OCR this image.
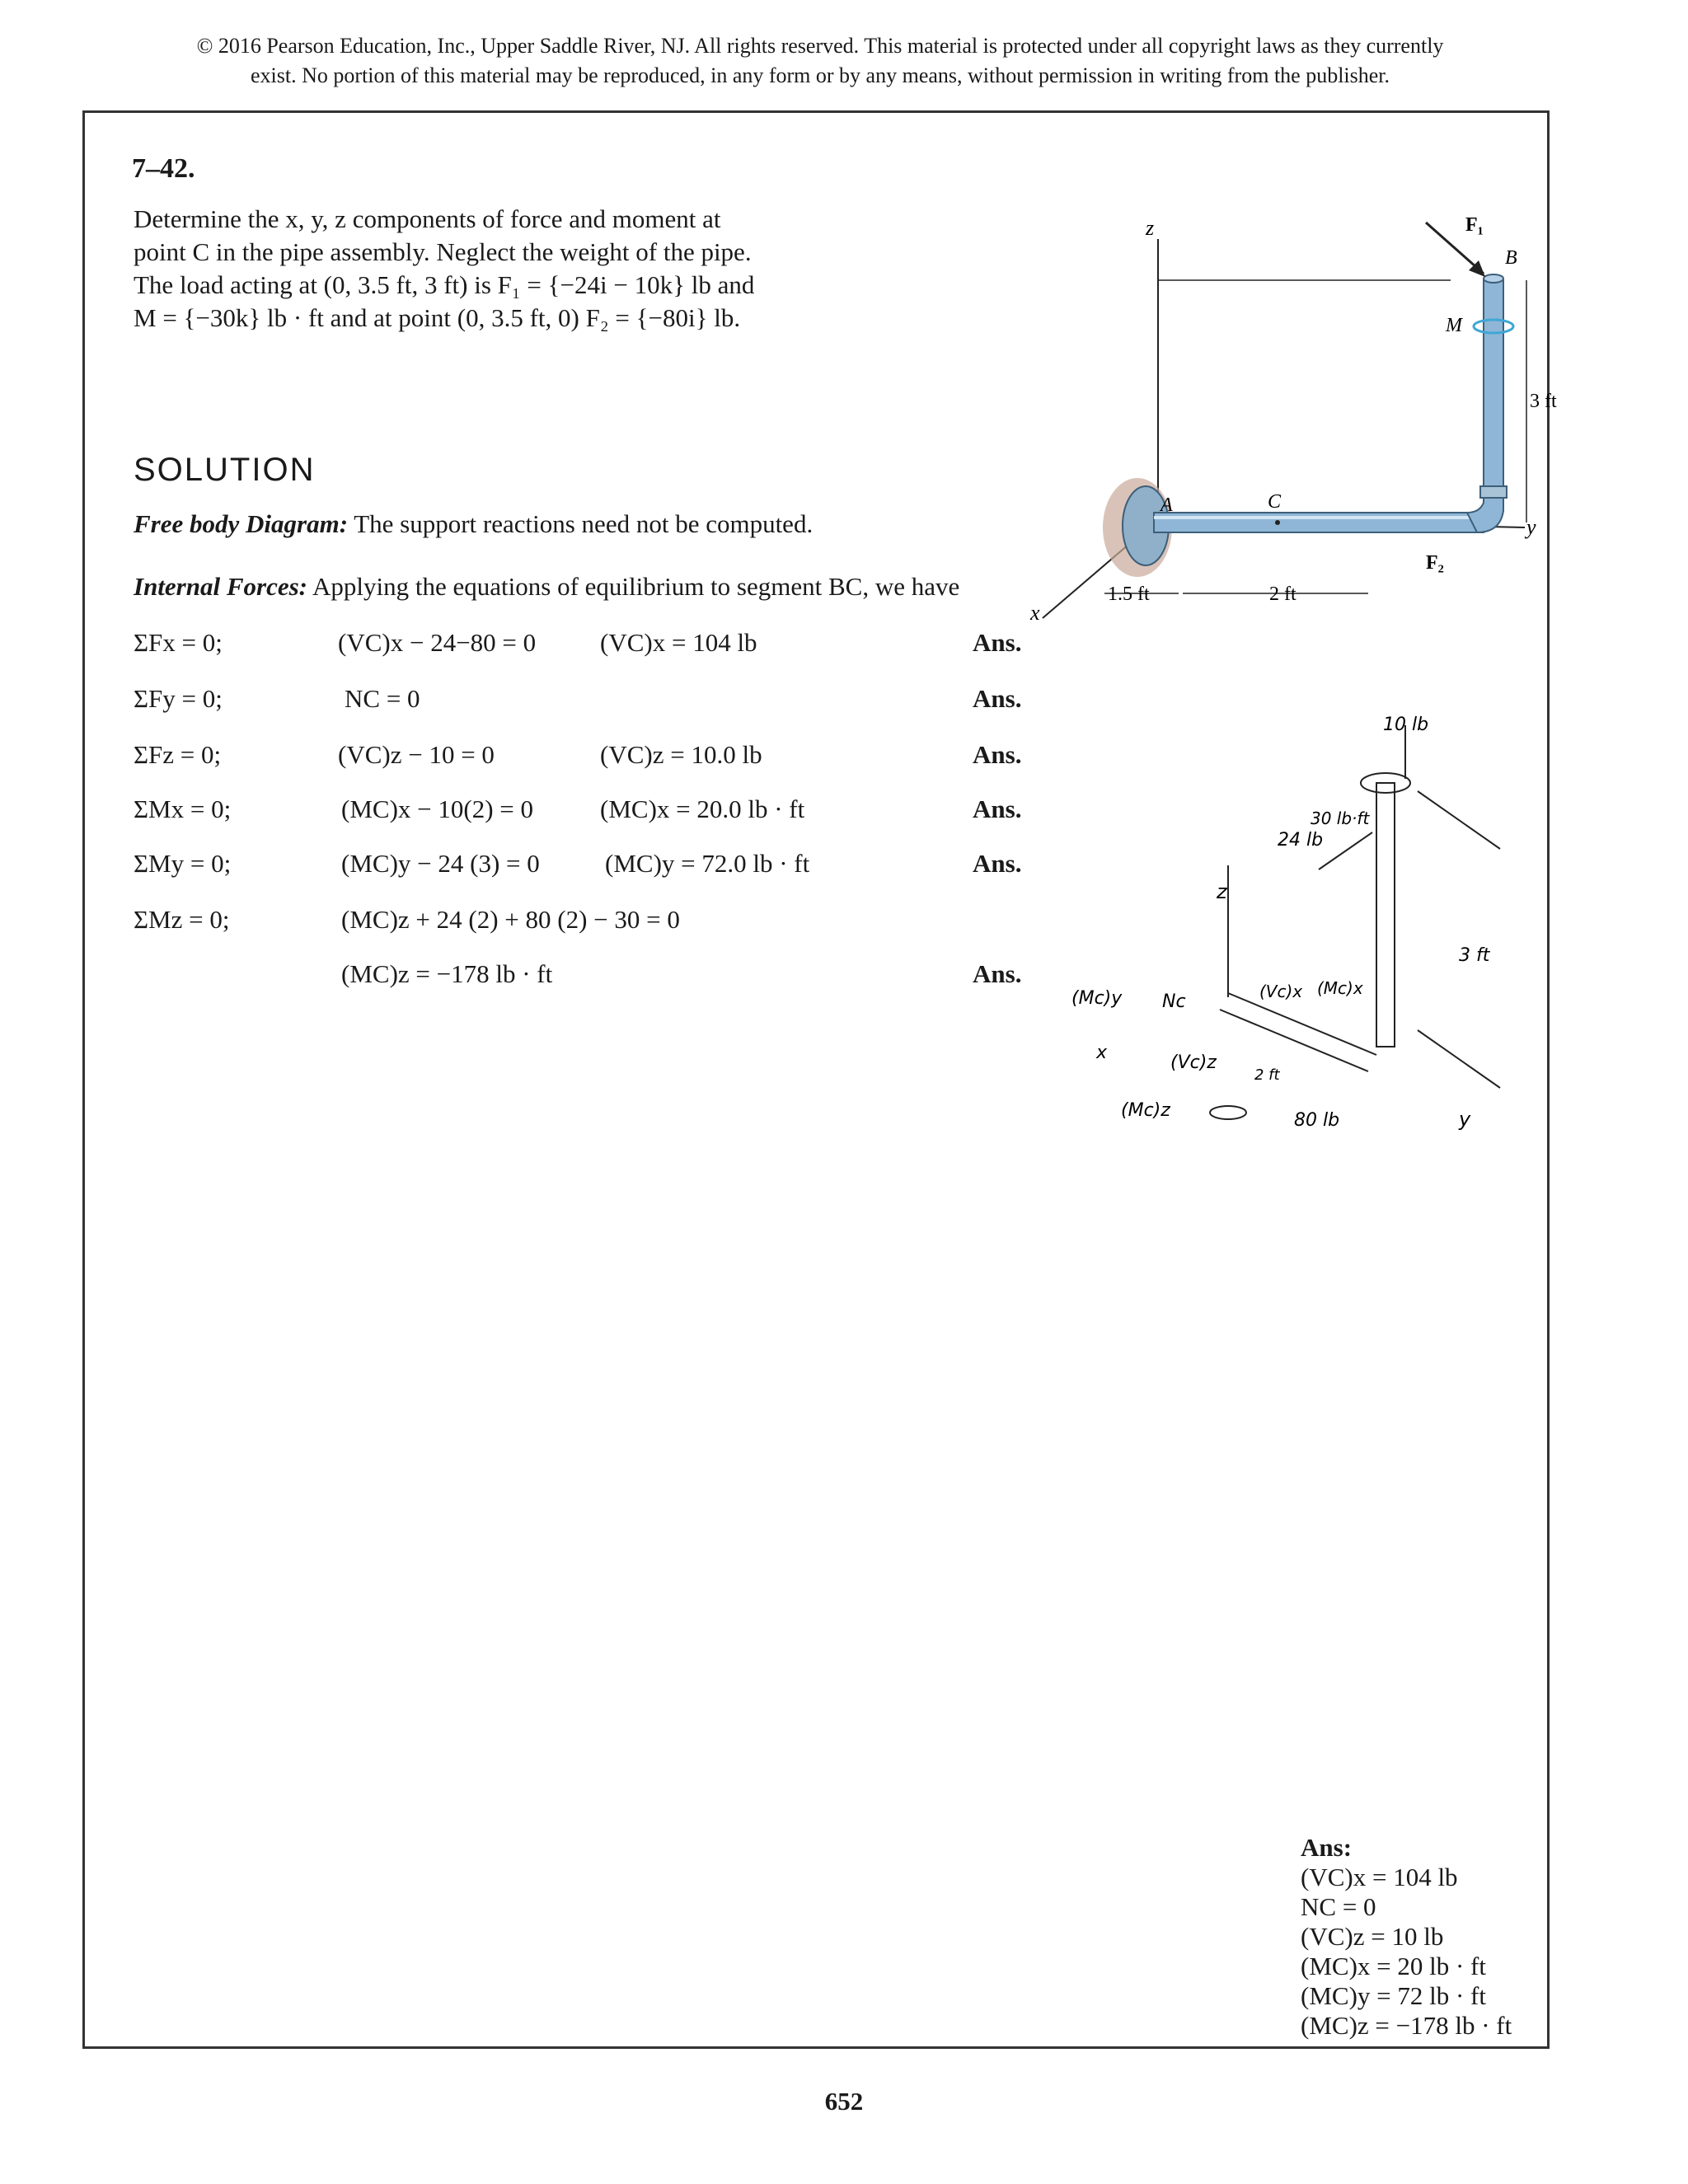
© 2016 Pearson Education, Inc., Upper Saddle River, NJ. All rights reserved. This material is protected under all copyright laws as they currently
exist. No portion of this material may be reproduced, in any form or by any means, without permission in writing from the publisher.
7–42.
Determine the x, y, z components of force and moment at
point C in the pipe assembly. Neglect the weight of the pipe.
The load acting at (0, 3.5 ft, 3 ft) is F₁ = {−24i − 10k} lb and
M = {−30k} lb · ft and at point (0, 3.5 ft, 0) F₂ = {−80i} lb.
SOLUTION
Free body Diagram: The support reactions need not be computed.
Internal Forces: Applying the equations of equilibrium to segment BC, we have
ΣFx = 0;	(VC)x − 24−80 = 0	(VC)x = 104 lb	Ans.
ΣFy = 0;	NC = 0	Ans.
ΣFz = 0;	(VC)z − 10 = 0	(VC)z = 10.0 lb	Ans.
ΣMx = 0;	(MC)x − 10(2) = 0	(MC)x = 20.0 lb · ft	Ans.
ΣMy = 0;	(MC)y − 24 (3) = 0	(MC)y = 72.0 lb · ft	Ans.
ΣMz = 0;	(MC)z + 24 (2) + 80 (2) − 30 = 0
(MC)z = −178 lb · ft	Ans.
z
y
x
F₁
B
M
3 ft
A	C
F₂
1.5 ft	2 ft
z
3 ft
y
10 lb
30 lb·ft
24 lb
(Mc)y Nc	(Vc)x (Mc)x
x	(Vc)z
2 ft
(Mc)z	80 lb
Ans:
(VC)x = 104 lb
NC = 0
(VC)z = 10 lb
(MC)x = 20 lb · ft
(MC)y = 72 lb · ft
(MC)z = −178 lb · ft
652
